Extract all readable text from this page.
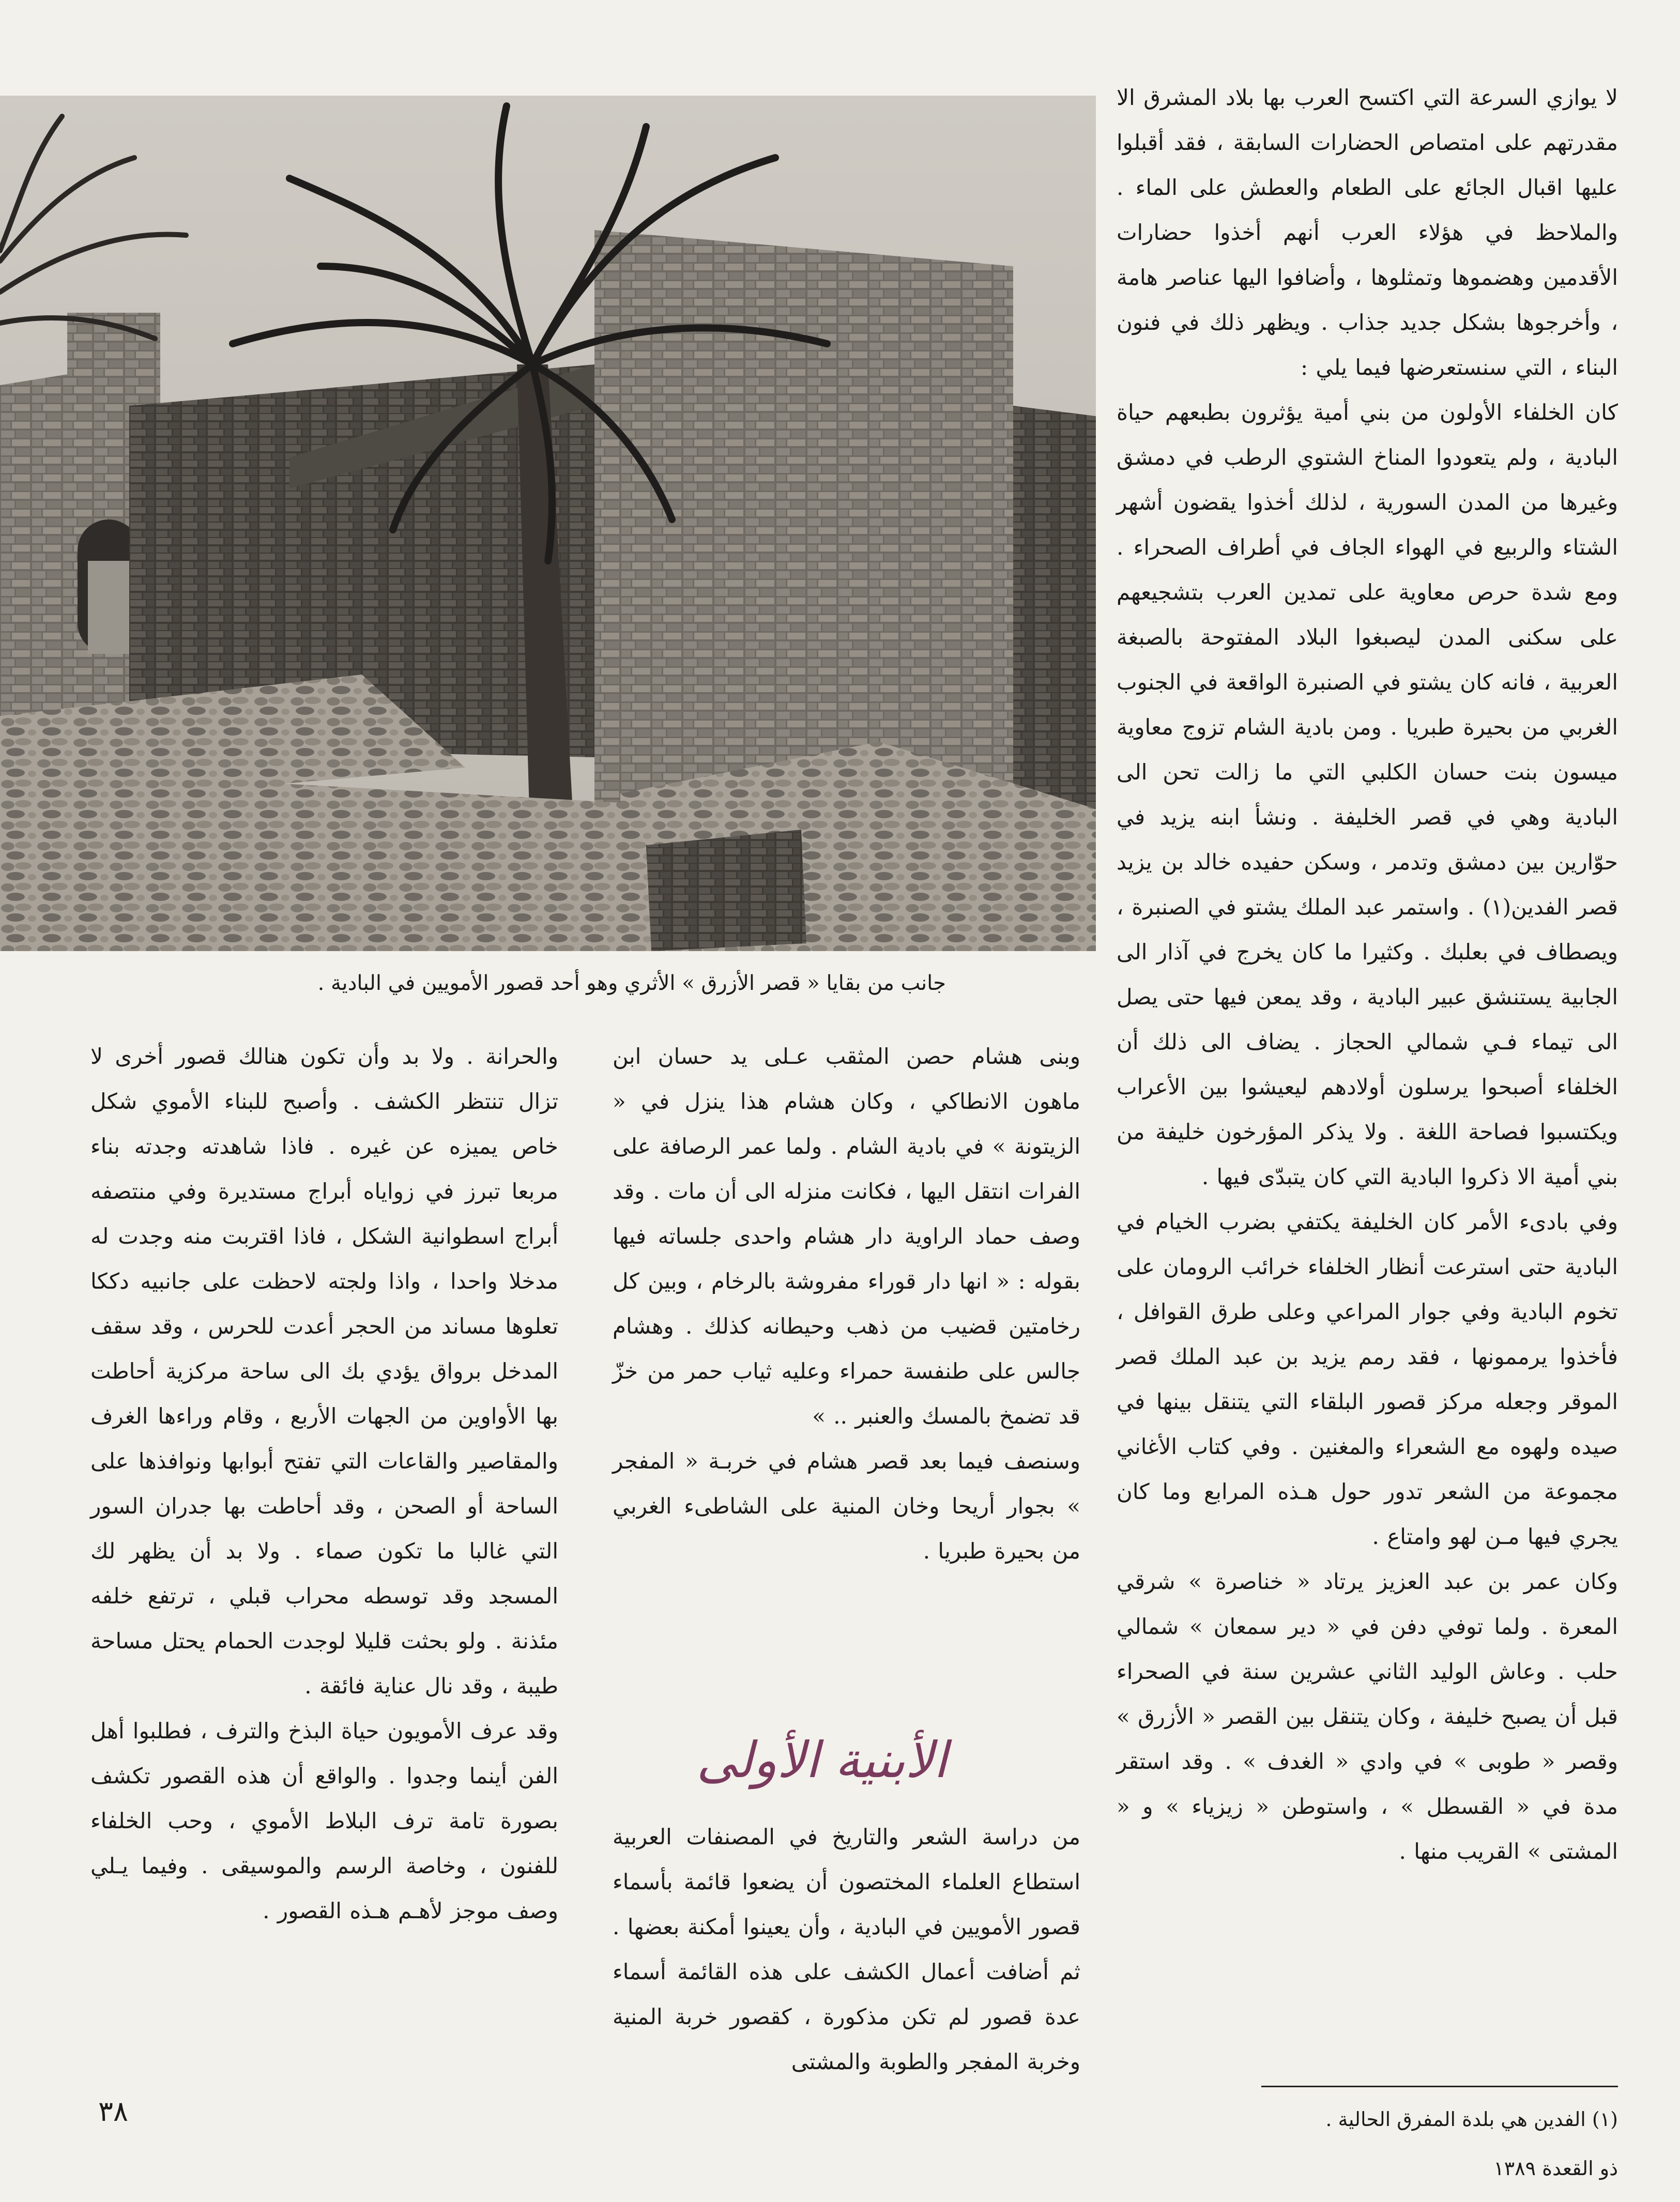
جانب من بقايا « قصر الأزرق » الأثري وهو أحد قصور الأمويين في البادية .

لا يوازي السرعة التي اكتسح العرب بها بلاد المشرق الا مقدرتهم على امتصاص الحضارات السابقة ، فقد أقبلوا عليها اقبال الجائع على الطعام والعطش على الماء . والملاحظ في هؤلاء العرب أنهم أخذوا حضارات الأقدمين وهضموها وتمثلوها ، وأضافوا اليها عناصر هامة ، وأخرجوها بشكل جديد جذاب . ويظهر ذلك في فنون البناء ، التي سنستعرضها فيما يلي :

كان الخلفاء الأولون من بني أمية يؤثرون بطبعهم حياة البادية ، ولم يتعودوا المناخ الشتوي الرطب في دمشق وغيرها من المدن السورية ، لذلك أخذوا يقضون أشهر الشتاء والربيع في الهواء الجاف في أطراف الصحراء . ومع شدة حرص معاوية على تمدين العرب بتشجيعهم على سكنى المدن ليصبغوا البلاد المفتوحة بالصبغة العربية ، فانه كان يشتو في الصنبرة الواقعة في الجنوب الغربي من بحيرة طبريا . ومن بادية الشام تزوج معاوية ميسون بنت حسان الكلبي التي ما زالت تحن الى البادية وهي في قصر الخليفة . ونشأ ابنه يزيد في حوّارين بين دمشق وتدمر ، وسكن حفيده خالد بن يزيد قصر الفدين(١) . واستمر عبد الملك يشتو في الصنبرة ، ويصطاف في بعلبك . وكثيرا ما كان يخرج في آذار الى الجابية يستنشق عبير البادية ، وقد يمعن فيها حتى يصل الى تيماء فـي شمالي الحجاز . يضاف الى ذلك أن الخلفاء أصبحوا يرسلون أولادهم ليعيشوا بين الأعراب ويكتسبوا فصاحة اللغة . ولا يذكر المؤرخون خليفة من بني أمية الا ذكروا البادية التي كان يتبدّى فيها .

وفي بادىء الأمر كان الخليفة يكتفي بضرب الخيام في البادية حتى استرعت أنظار الخلفاء خرائب الرومان على تخوم البادية وفي جوار المراعي وعلى طرق القوافل ، فأخذوا يرممونها ، فقد رمم يزيد بن عبد الملك قصر الموقر وجعله مركز قصور البلقاء التي يتنقل بينها في صيده ولهوه مع الشعراء والمغنين . وفي كتاب الأغاني مجموعة من الشعر تدور حول هـذه المرابع وما كان يجري فيها مـن لهو وامتاع .

وكان عمر بن عبد العزيز يرتاد « خناصرة » شرقي المعرة . ولما توفي دفن في « دير سمعان » شمالي حلب . وعاش الوليد الثاني عشرين سنة في الصحراء قبل أن يصبح خليفة ، وكان يتنقل بين القصر « الأزرق » وقصر « طوبى » في وادي « الغدف » . وقد استقر مدة في « القسطل » ، واستوطن « زيزياء » و « المشتى » القريب منها .

وبنى هشام حصن المثقب عـلى يد حسان ابن ماهون الانطاكي ، وكان هشام هذا ينزل في « الزيتونة » في بادية الشام . ولما عمر الرصافة على الفرات انتقل اليها ، فكانت منزله الى أن مات . وقد وصف حماد الراوية دار هشام واحدى جلساته فيها بقوله : « انها دار قوراء مفروشة بالرخام ، وبين كل رخامتين قضيب من ذهب وحيطانه كذلك . وهشام جالس على طنفسة حمراء وعليه ثياب حمر من خزّ قد تضمخ بالمسك والعنبر .. »

وسنصف فيما بعد قصر هشام في خربـة « المفجر » بجوار أريحا وخان المنية على الشاطىء الغربي من بحيرة طبريا .

الأبنية الأولى

من دراسة الشعر والتاريخ في المصنفات العربية استطاع العلماء المختصون أن يضعوا قائمة بأسماء قصور الأمويين في البادية ، وأن يعينوا أمكنة بعضها . ثم أضافت أعمال الكشف على هذه القائمة أسماء عدة قصور لم تكن مذكورة ، كقصور خربة المنية وخربة المفجر والطوبة والمشتى

والحرانة . ولا بد وأن تكون هنالك قصور أخرى لا تزال تنتظر الكشف . وأصبح للبناء الأموي شكل خاص يميزه عن غيره . فاذا شاهدته وجدته بناء مربعا تبرز في زواياه أبراج مستديرة وفي منتصفه أبراج اسطوانية الشكل ، فاذا اقتربت منه وجدت له مدخلا واحدا ، واذا ولجته لاحظت على جانبيه دككا تعلوها مساند من الحجر أعدت للحرس ، وقد سقف المدخل برواق يؤدي بك الى ساحة مركزية أحاطت بها الأواوين من الجهات الأربع ، وقام وراءها الغرف والمقاصير والقاعات التي تفتح أبوابها ونوافذها على الساحة أو الصحن ، وقد أحاطت بها جدران السور التي غالبا ما تكون صماء . ولا بد أن يظهر لك المسجد وقد توسطه محراب قبلي ، ترتفع خلفه مئذنة . ولو بحثت قليلا لوجدت الحمام يحتل مساحة طيبة ، وقد نال عناية فائقة .

وقد عرف الأمويون حياة البذخ والترف ، فطلبوا أهل الفن أينما وجدوا . والواقع أن هذه القصور تكشف بصورة تامة ترف البلاط الأموي ، وحب الخلفاء للفنون ، وخاصة الرسم والموسيقى . وفيما يـلي وصف موجز لأهـم هـذه القصور .

(١) الفدين هي بلدة المفرق الحالية .
ذو القعدة ١٣٨٩
٣٨
